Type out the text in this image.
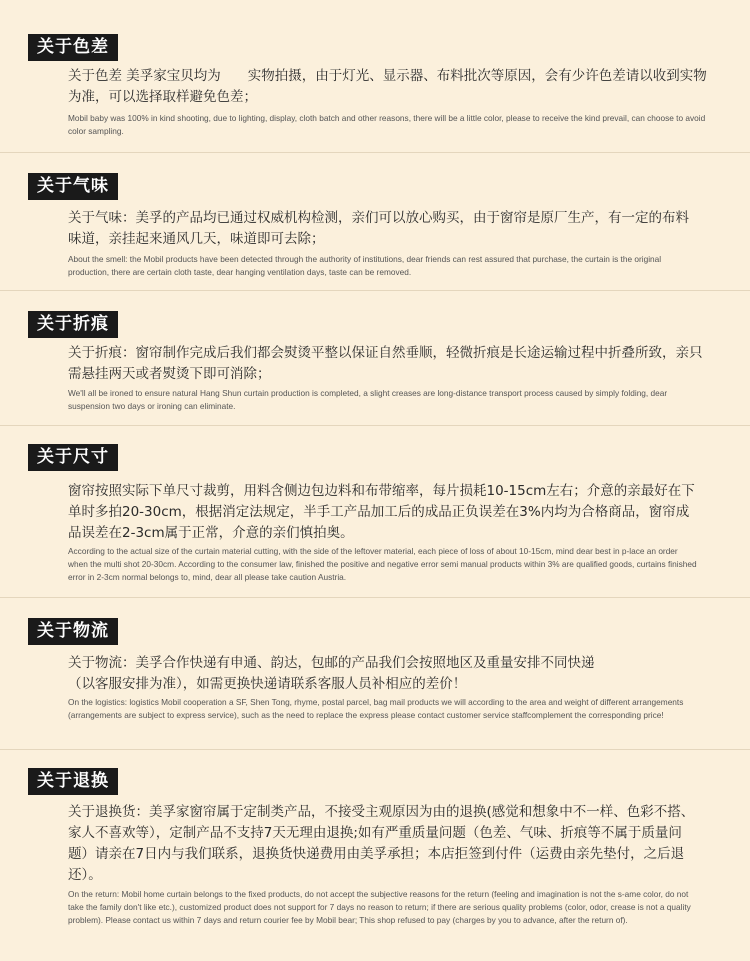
关于色差

关于色差 美孚家宝贝均为　　实物拍摄，由于灯光、显示器、布料批次等原因，会有少许色差请以收到实物为准，可以选择取样避免色差；

Mobil baby was 100% in kind shooting, due to lighting, display, cloth batch and other reasons, there will be a little color, please to receive the kind prevail, can choose to avoid color sampling.

关于气味

关于气味：美孚的产品均已通过权威机构检测，亲们可以放心购买，由于窗帘是原厂生产，有一定的布料味道，亲挂起来通风几天，味道即可去除；

About the smell: the Mobil products have been detected through the authority of institutions, dear friends can rest assured that purchase, the curtain is the original production, there are certain cloth taste, dear hanging ventilation days, taste can be removed.

关于折痕

关于折痕：窗帘制作完成后我们都会熨烫平整以保证自然垂顺，轻微折痕是长途运输过程中折叠所致，亲只需悬挂两天或者熨烫下即可消除；

We'll all be ironed to ensure natural Hang Shun curtain production is completed, a slight creases are long-distance transport process caused by simply folding, dear suspension two days or ironing can eliminate.

关于尺寸

窗帘按照实际下单尺寸裁剪，用料含侧边包边料和布带缩率，每片损耗10-15cm左右；介意的亲最好在下单时多拍20-30cm，根据消定法规定，半手工产品加工后的成品正负误差在3%内均为合格商品，窗帘成品误差在2-3cm属于正常，介意的亲们慎拍奥。

According to the actual size of the curtain material cutting, with the side of the leftover material, each piece of loss of about 10-15cm, mind dear best in p-lace an order when the multi shot 20-30cm. According to the consumer law, finished the positive and negative error semi manual products within 3% are qualified goods, curtains finished error in 2-3cm normal belongs to, mind, dear all please take caution Austria.

关于物流

关于物流：美孚合作快递有申通、韵达，包邮的产品我们会按照地区及重量安排不同快递（以客服安排为准），如需更换快递请联系客服人员补相应的差价！

On the logistics: logistics Mobil cooperation a SF, Shen Tong, rhyme, postal parcel, bag mail products we will according to the area and weight of different arrangements (arrangements are subject to express service), such as the need to replace the express please contact customer service staffcomplement the corresponding price!

关于退换

关于退换货：美孚家窗帘属于定制类产品，不接受主观原因为由的退换(感觉和想象中不一样、色彩不搭、家人不喜欢等），定制产品不支持7天无理由退换;如有严重质量问题（色差、气味、折痕等不属于质量问题）请亲在7日内与我们联系，退换货快递费用由美孚承担；本店拒签到付件（运费由亲先垫付，之后退还）。

On the return: Mobil home curtain belongs to the fixed products, do not accept the subjective reasons for the return (feeling and imagination is not the s-ame color, do not take the family don't like etc.), customized product does not support for 7 days no reason to return; if there are serious quality problems (color, odor, crease is not a quality problem). Please contact us within 7 days and return courier fee by Mobil bear; This shop refused to pay (charges by you to advance, after the return of).
